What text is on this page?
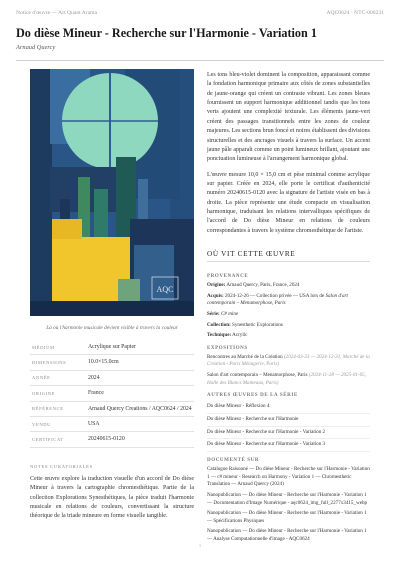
Notice d'œuvre — Art Quant Arama	AQC0624 · NTC-000231
Do dièse Mineur - Recherche sur l'Harmonie - Variation 1
Arnaud Quercy
AQC
Là où l'harmonie musicale devient visible à travers la couleur
MÉDIUM	Acrylique sur Papier
DIMENSIONS	10.0×15.0cm
ANNÉE	2024
ORIGINE	France
RÉFÉRENCE	Arnaud Quercy Creations / AQC0624 / 2024
VENDU	USA
CERTIFICAT	20240615-0120
NOTES CURATORIALES
Cette œuvre explore la traduction visuelle d'un accord de Do dièse Mineur à travers la cartographie chromesthétique. Partie de la collection Explorations Synesthétiques, la pièce traduit l'harmonie musicale en relations de couleurs, convertissant la structure théorique de la triade mineure en forme visuelle tangible.

Les tons bleu-violet dominent la composition, apparaissant comme la fondation harmonique primaire aux côtés de zones substantielles de jaune-orange qui créent un contraste vibrant. Les zones bleues fournissent un support harmonique additionnel tandis que les tons verts ajoutent une complexité texturale. Les éléments jaune-vert créent des passages transitionnels entre les zones de couleur majeures. Les sections brun foncé et noires établissent des divisions structurelles et des ancrages visuels à travers la surface. Un accent jaune pâle apparaît comme un point lumineux brillant, ajoutant une ponctuation lumineuse à l'arrangement harmonique global.

L'œuvre mesure 10,0 × 15,0 cm et pèse minimal comme acrylique sur papier. Créée en 2024, elle porte le certificat d'authenticité numéro 20240615-0120 avec la signature de l'artiste visée en bas à droite. La pièce représente une étude compacte en visualisation harmonique, traduisant les relations intervalliques spécifiques de l'accord de Do dièse Mineur en relations de couleurs correspondantes à travers le système chromesthétique de l'artiste.

OÙ VIT CETTE ŒUVRE
PROVENANCE
Origine: Arnaud Quercy, Paris, France, 2024
Acquis: 2024-12-26 — Collection privée — USA lors de Salon d'art contemporain – Menamorphose, Paris
Série: C# mine
Collection: Synesthetic Explorations
Technique: Acrylic
EXPOSITIONS
Rencontres au Marché de la Création (2024-03-23 — 2024-12-31, Marché de la Création - Paris Ménagerie, Paris)
Salon d'art contemporain – Menamorphose, Paris (2024-11-28 — 2025-01-05, Halle des Blancs Manteaux, Paris)
AUTRES ŒUVRES DE LA SÉRIE
Do dièse Mineur - Réflexion 4
Do dièse Mineur - Recherche sur l'Harmonie
Do dièse Mineur - Recherche sur l'Harmonie - Variation 2
Do dièse Mineur - Recherche sur l'Harmonie - Variation 3
DOCUMENTÉ SUR
Catalogue Raisonné — Do dièse Mineur - Recherche sur l'Harmonie - Variation 1 — c# mineur - Research on Harmony - Variation 1 — Chromesthetic Translation — Arnaud Quercy (2024)
Nanopublication — Do dièse Mineur - Recherche sur l'Harmonie - Variation 1 — Documentation d'Image Numérique - aqc0624_img_full_2277x3415_webp
Nanopublication — Do dièse Mineur - Recherche sur l'Harmonie - Variation 1 — Spécifications Physiques
Nanopublication — Do dièse Mineur - Recherche sur l'Harmonie - Variation 1 — Analyse Computationnelle d'image - AQC0624
1
